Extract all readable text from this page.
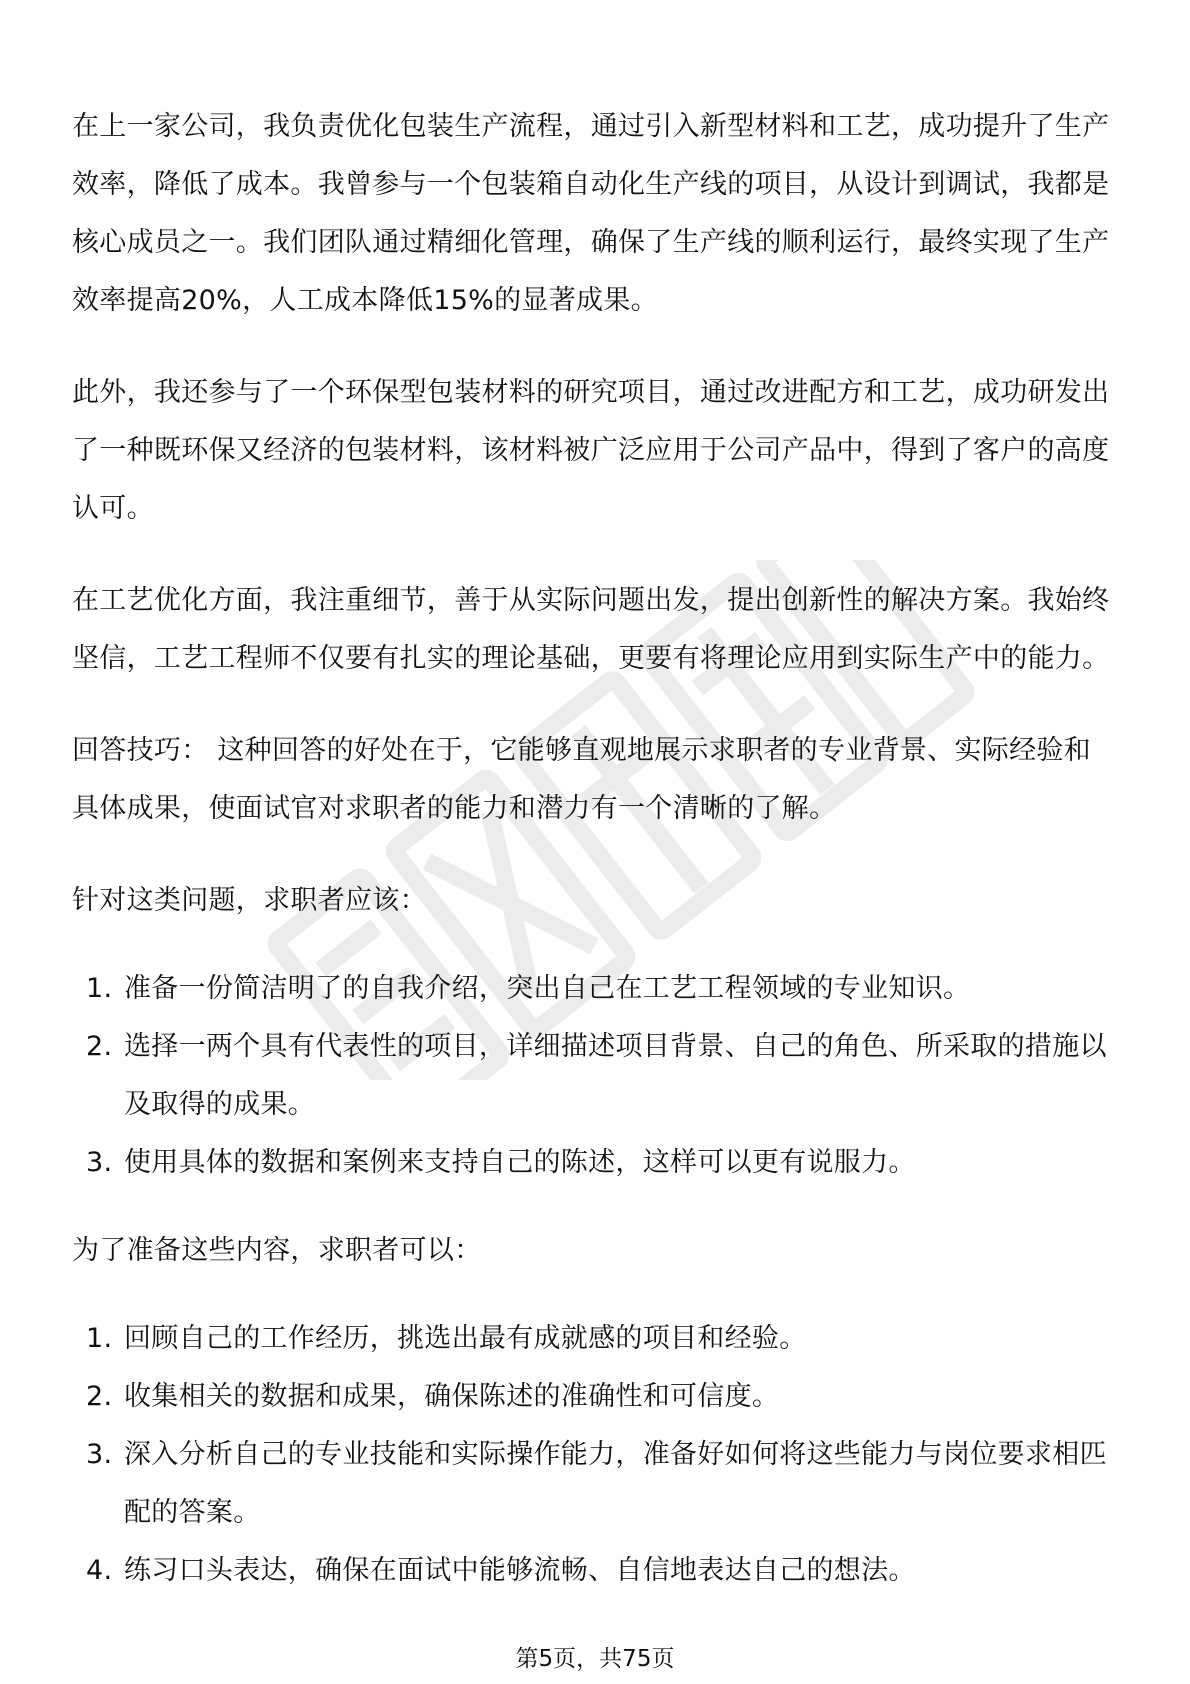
在上一家公司，我负责优化包装生产流程，通过引入新型材料和工艺，成功提升了生产效率，降低了成本。我曾参与一个包装箱自动化生产线的项目，从设计到调试，我都是核心成员之一。我们团队通过精细化管理，确保了生产线的顺利运行，最终实现了生产效率提高20%，人工成本降低15%的显著成果。

此外，我还参与了一个环保型包装材料的研究项目，通过改进配方和工艺，成功研发出了一种既环保又经济的包装材料，该材料被广泛应用于公司产品中，得到了客户的高度认可。

在工艺优化方面，我注重细节，善于从实际问题出发，提出创新性的解决方案。我始终坚信，工艺工程师不仅要有扎实的理论基础，更要有将理论应用到实际生产中的能力。

回答技巧： 这种回答的好处在于，它能够直观地展示求职者的专业背景、实际经验和具体成果，使面试官对求职者的能力和潜力有一个清晰的了解。

针对这类问题，求职者应该：

1. 准备一份简洁明了的自我介绍，突出自己在工艺工程领域的专业知识。
2. 选择一两个具有代表性的项目，详细描述项目背景、自己的角色、所采取的措施以及取得的成果。
3. 使用具体的数据和案例来支持自己的陈述，这样可以更有说服力。

为了准备这些内容，求职者可以：

1. 回顾自己的工作经历，挑选出最有成就感的项目和经验。
2. 收集相关的数据和成果，确保陈述的准确性和可信度。
3. 深入分析自己的专业技能和实际操作能力，准备好如何将这些能力与岗位要求相匹配的答案。
4. 练习口头表达，确保在面试中能够流畅、自信地表达自己的想法。
第5页，共75页
